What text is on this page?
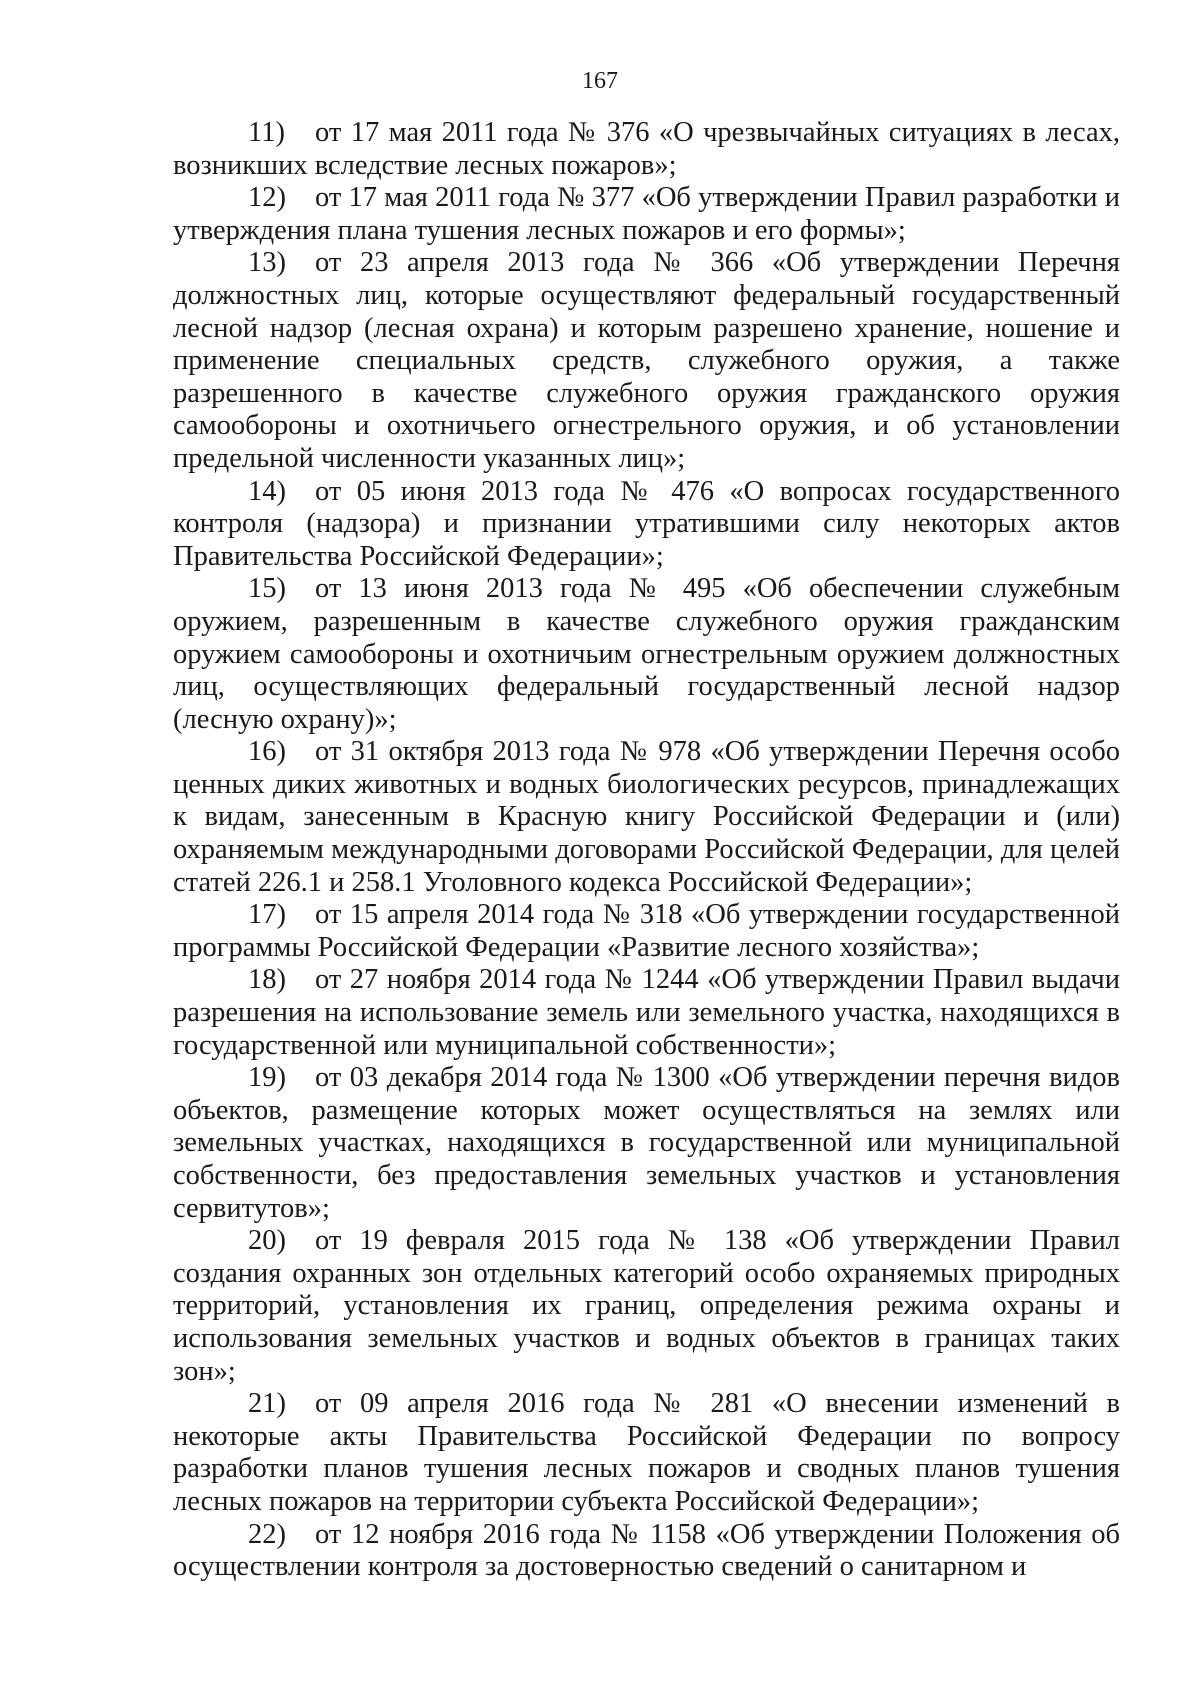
167

11) от 17 мая 2011 года № 376 «О чрезвычайных ситуациях в лесах, возникших вследствие лесных пожаров»;

12) от 17 мая 2011 года № 377 «Об утверждении Правил разработки и утверждения плана тушения лесных пожаров и его формы»;

13) от 23 апреля 2013 года № 366 «Об утверждении Перечня должностных лиц, которые осуществляют федеральный государственный лесной надзор (лесная охрана) и которым разрешено хранение, ношение и применение специальных средств, служебного оружия, а также разрешенного в качестве служебного оружия гражданского оружия самообороны и охотничьего огнестрельного оружия, и об установлении предельной численности указанных лиц»;

14) от 05 июня 2013 года № 476 «О вопросах государственного контроля (надзора) и признании утратившими силу некоторых актов Правительства Российской Федерации»;

15) от 13 июня 2013 года № 495 «Об обеспечении служебным оружием, разрешенным в качестве служебного оружия гражданским оружием самообороны и охотничьим огнестрельным оружием должностных лиц, осуществляющих федеральный государственный лесной надзор (лесную охрану)»;

16) от 31 октября 2013 года № 978 «Об утверждении Перечня особо ценных диких животных и водных биологических ресурсов, принадлежащих к видам, занесенным в Красную книгу Российской Федерации и (или) охраняемым международными договорами Российской Федерации, для целей статей 226.1 и 258.1 Уголовного кодекса Российской Федерации»;

17) от 15 апреля 2014 года № 318 «Об утверждении государственной программы Российской Федерации «Развитие лесного хозяйства»;

18) от 27 ноября 2014 года № 1244 «Об утверждении Правил выдачи разрешения на использование земель или земельного участка, находящихся в государственной или муниципальной собственности»;

19) от 03 декабря 2014 года № 1300 «Об утверждении перечня видов объектов, размещение которых может осуществляться на землях или земельных участках, находящихся в государственной или муниципальной собственности, без предоставления земельных участков и установления сервитутов»;

20) от 19 февраля 2015 года № 138 «Об утверждении Правил создания охранных зон отдельных категорий особо охраняемых природных территорий, установления их границ, определения режима охраны и использования земельных участков и водных объектов в границах таких зон»;

21) от 09 апреля 2016 года № 281 «О внесении изменений в некоторые акты Правительства Российской Федерации по вопросу разработки планов тушения лесных пожаров и сводных планов тушения лесных пожаров на территории субъекта Российской Федерации»;

22) от 12 ноября 2016 года № 1158 «Об утверждении Положения об осуществлении контроля за достоверностью сведений о санитарном и
